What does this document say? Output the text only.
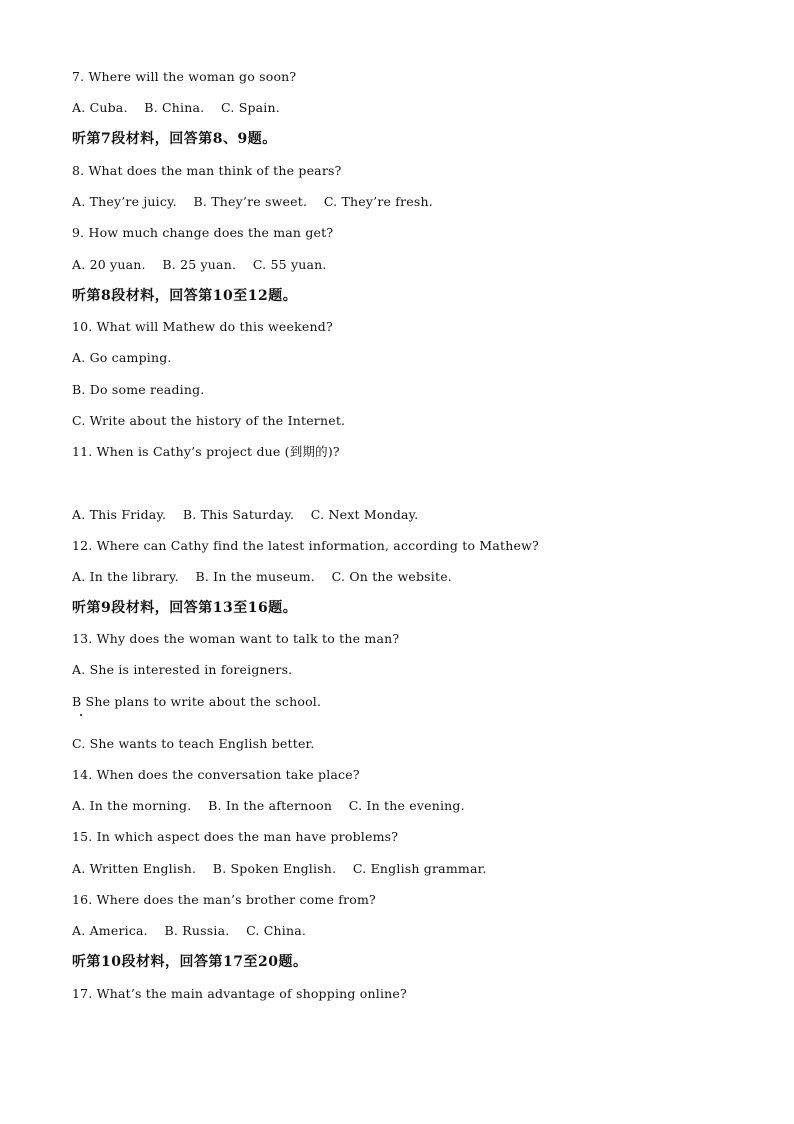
7. Where will the woman go soon?
A. Cuba.    B. China.    C. Spain.
听第7段材料，回答第8、9题。
8. What does the man think of the pears?
A. They’re juicy.    B. They’re sweet.    C. They’re fresh.
9. How much change does the man get?
A. 20 yuan.    B. 25 yuan.    C. 55 yuan.
听第8段材料，回答第10至12题。
10. What will Mathew do this weekend?
A. Go camping.
B. Do some reading.
C. Write about the history of the Internet.
11. When is Cathy’s project due (到期的)?
A. This Friday.    B. This Saturday.    C. Next Monday.
12. Where can Cathy find the latest information, according to Mathew?
A. In the library.    B. In the museum.    C. On the website.
听第9段材料，回答第13至16题。
13. Why does the woman want to talk to the man?
A. She is interested in foreigners.
B She plans to write about the school.
C. She wants to teach English better.
14. When does the conversation take place?
A. In the morning.    B. In the afternoon    C. In the evening.
15. In which aspect does the man have problems?
A. Written English.    B. Spoken English.    C. English grammar.
16. Where does the man’s brother come from?
A. America.    B. Russia.    C. China.
听第10段材料，回答第17至20题。
17. What’s the main advantage of shopping online?
